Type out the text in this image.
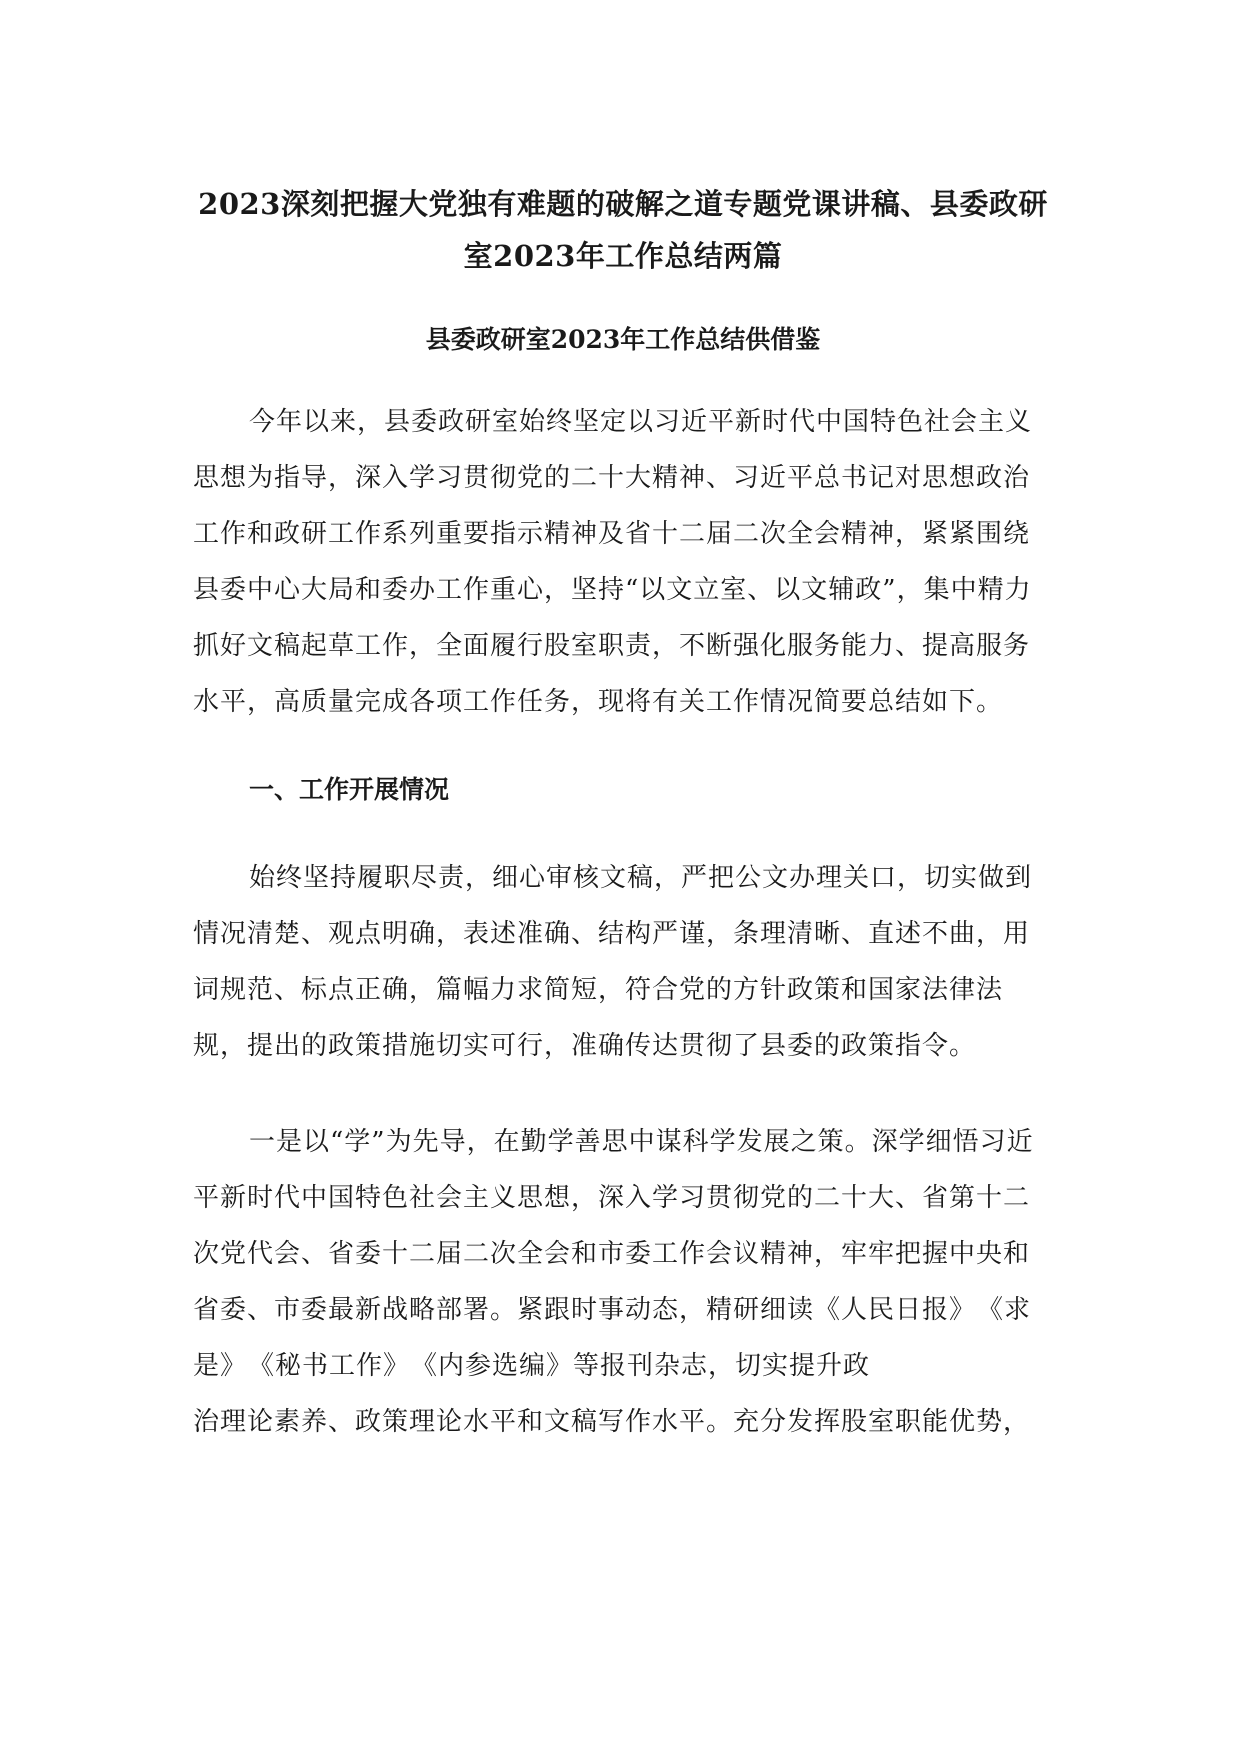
2023深刻把握大党独有难题的破解之道专题党课讲稿、县委政研室2023年工作总结两篇
县委政研室2023年工作总结供借鉴

今年以来，县委政研室始终坚定以习近平新时代中国特色社会主义思想为指导，深入学习贯彻党的二十大精神、习近平总书记对思想政治工作和政研工作系列重要指示精神及省十二届二次全会精神，紧紧围绕县委中心大局和委办工作重心，坚持“以文立室、以文辅政”，集中精力抓好文稿起草工作，全面履行股室职责，不断强化服务能力、提高服务水平，高质量完成各项工作任务，现将有关工作情况简要总结如下。

一、工作开展情况

始终坚持履职尽责，细心审核文稿，严把公文办理关口，切实做到情况清楚、观点明确，表述准确、结构严谨，条理清晰、直述不曲，用词规范、标点正确，篇幅力求简短，符合党的方针政策和国家法律法规，提出的政策措施切实可行，准确传达贯彻了县委的政策指令。

一是以“学”为先导，在勤学善思中谋科学发展之策。深学细悟习近平新时代中国特色社会主义思想，深入学习贯彻党的二十大、省第十二次党代会、省委十二届二次全会和市委工作会议精神，牢牢把握中央和省委、市委最新战略部署。紧跟时事动态，精研细读《人民日报》　《求是》　《秘书工作》　《内参选编》等报刊杂志，切实提升政

治理论素养、政策理论水平和文稿写作水平。充分发挥股室职能优势，
